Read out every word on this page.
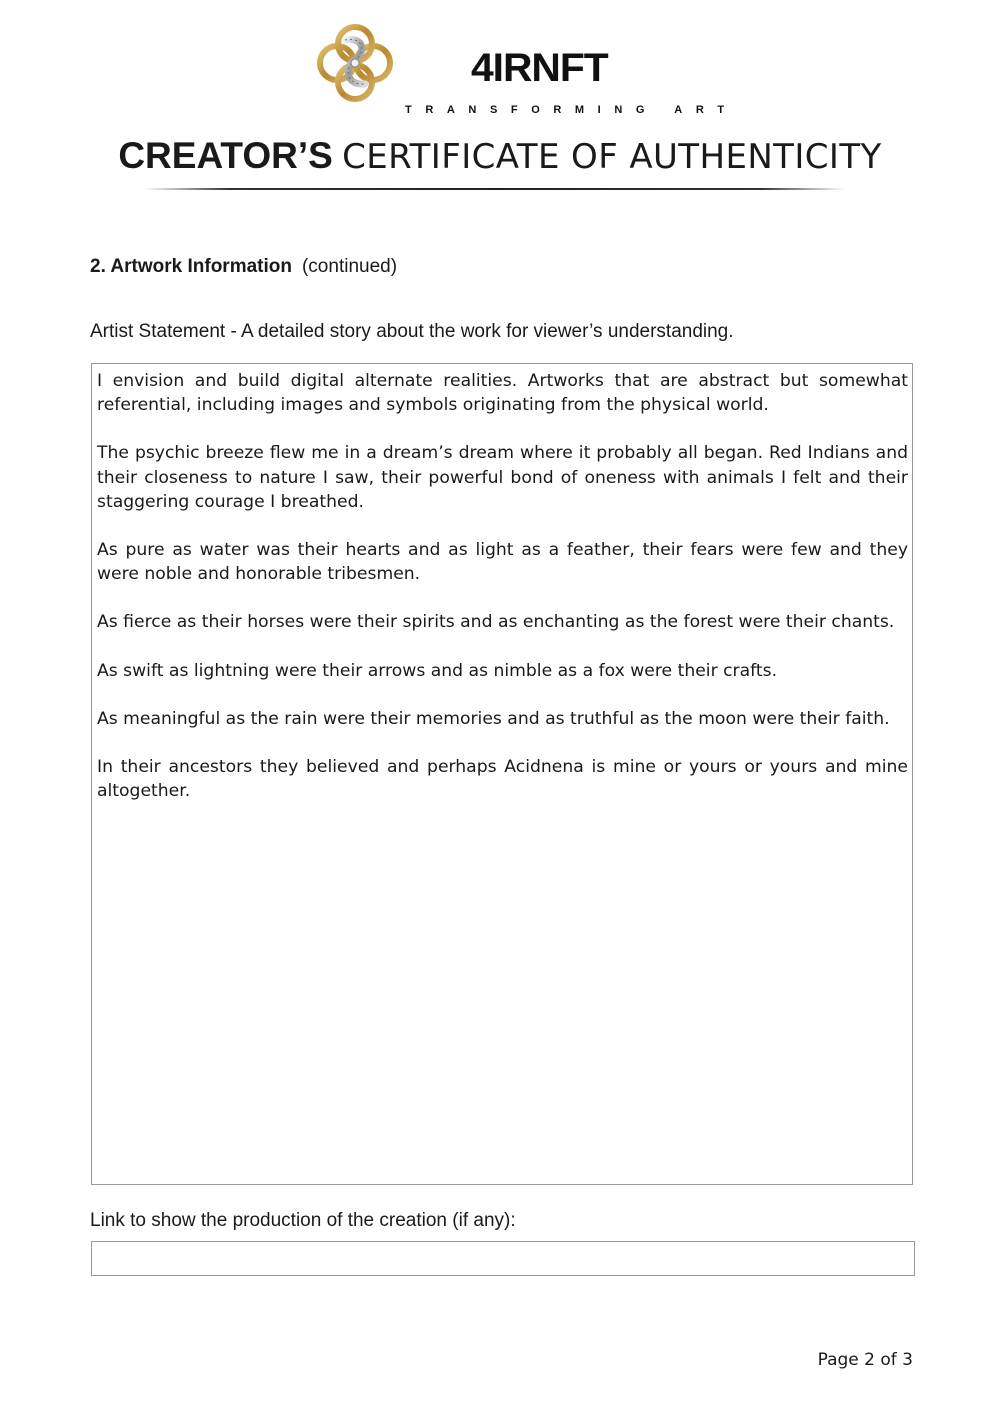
4IRNFT
TRANSFORMING ART
CREATOR’S CERTIFICATE OF AUTHENTICITY
2. Artwork Information (continued)
Artist Statement - A detailed story about the work for viewer’s understanding.

I envision and build digital alternate realities. Artworks that are abstract but somewhat referential, including images and symbols originating from the physical world.

The psychic breeze flew me in a dream’s dream where it probably all began. Red Indians and their closeness to nature I saw, their powerful bond of oneness with animals I felt and their staggering courage I breathed.

As pure as water was their hearts and as light as a feather, their fears were few and they were noble and honorable tribesmen.

As fierce as their horses were their spirits and as enchanting as the forest were their chants.

As swift as lightning were their arrows and as nimble as a fox were their crafts.

As meaningful as the rain were their memories and as truthful as the moon were their faith.

In their ancestors they believed and perhaps Acidnena is mine or yours or yours and mine altogether.

Link to show the production of the creation (if any):
Page 2 of 3
